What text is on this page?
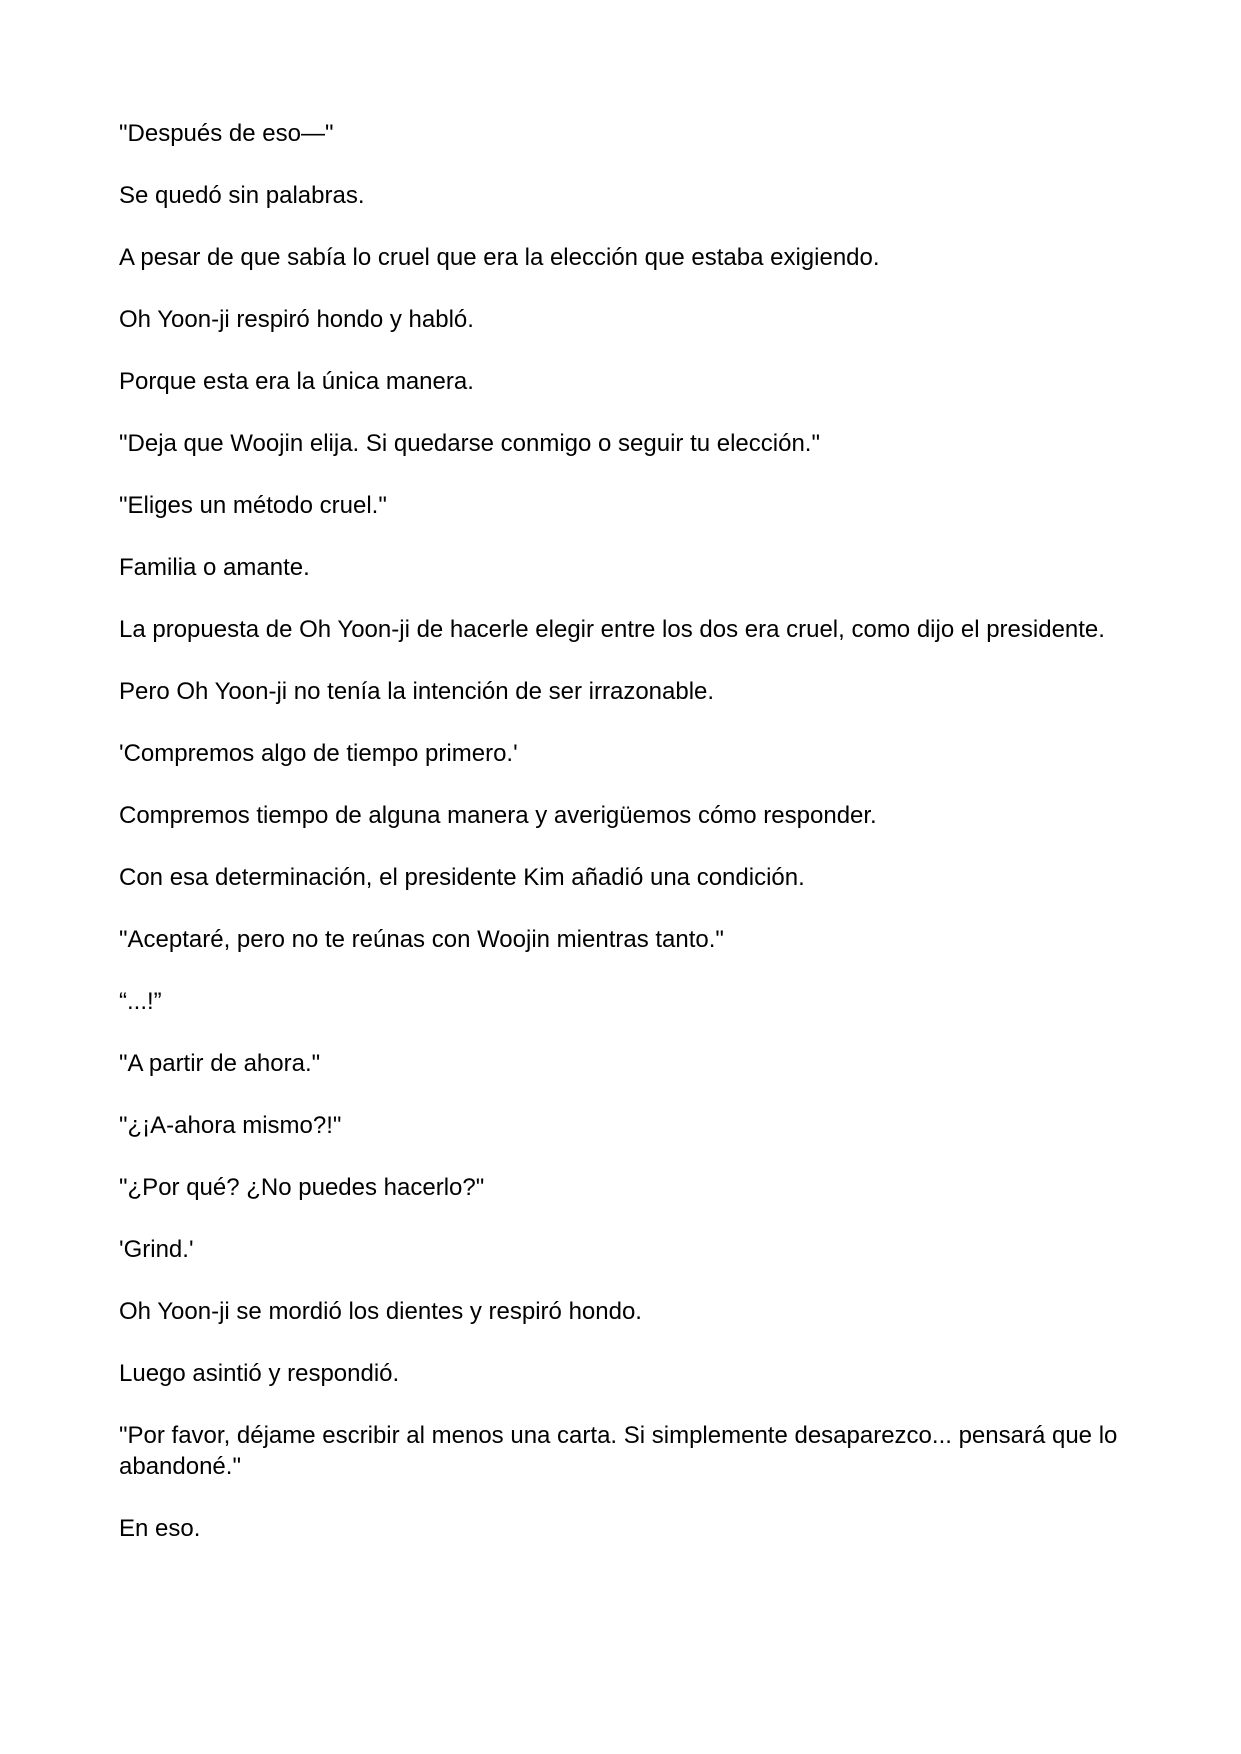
"Después de eso—"

Se quedó sin palabras.

A pesar de que sabía lo cruel que era la elección que estaba exigiendo.

Oh Yoon-ji respiró hondo y habló.

Porque esta era la única manera.

"Deja que Woojin elija. Si quedarse conmigo o seguir tu elección."

"Eliges un método cruel."

Familia o amante.

La propuesta de Oh Yoon-ji de hacerle elegir entre los dos era cruel, como dijo el presidente.

Pero Oh Yoon-ji no tenía la intención de ser irrazonable.

'Compremos algo de tiempo primero.'

Compremos tiempo de alguna manera y averigüemos cómo responder.

Con esa determinación, el presidente Kim añadió una condición.

"Aceptaré, pero no te reúnas con Woojin mientras tanto."

“...!”

"A partir de ahora."

"¿¡A-ahora mismo?!"

"¿Por qué? ¿No puedes hacerlo?"

'Grind.'

Oh Yoon-ji se mordió los dientes y respiró hondo.

Luego asintió y respondió.

"Por favor, déjame escribir al menos una carta. Si simplemente desaparezco... pensará que lo abandoné."

En eso.
